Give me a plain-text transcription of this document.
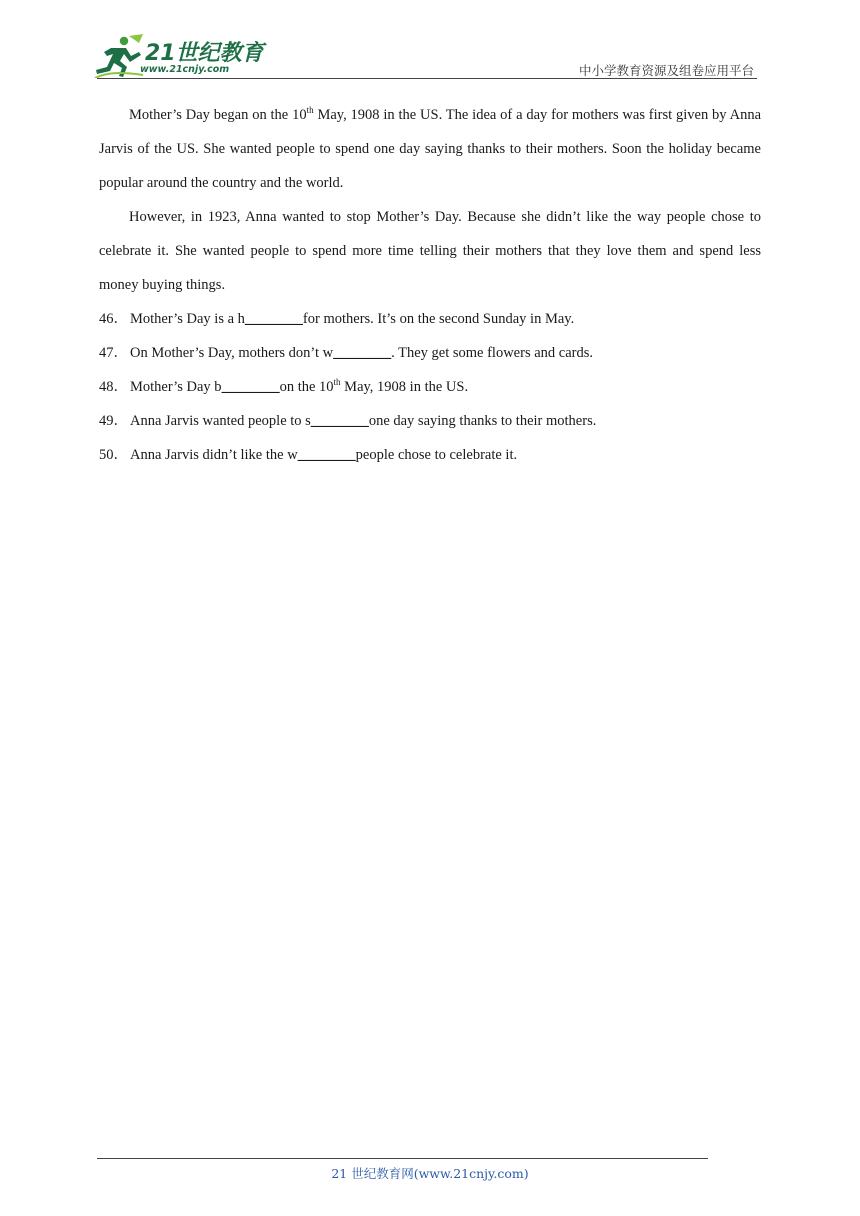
21世纪教育
www.21cnjy.com	中小学教育资源及组卷应用平台

Mother’s Day began on the 10th May, 1908 in the US. The idea of a day for mothers was first given by Anna Jarvis of the US. She wanted people to spend one day saying thanks to their mothers. Soon the holiday became popular around the country and the world.

However, in 1923, Anna wanted to stop Mother’s Day. Because she didn’t like the way people chose to celebrate it. She wanted people to spend more time telling their mothers that they love them and spend less money buying things.

46． Mother’s Day is a h________for mothers. It’s on the second Sunday in May.

47． On Mother’s Day, mothers don’t w________. They get some flowers and cards.

48． Mother’s Day b________on the 10th May, 1908 in the US.

49． Anna Jarvis wanted people to s________one day saying thanks to their mothers.

50． Anna Jarvis didn’t like the w________people chose to celebrate it.

21 世纪教育网(www.21cnjy.com)
